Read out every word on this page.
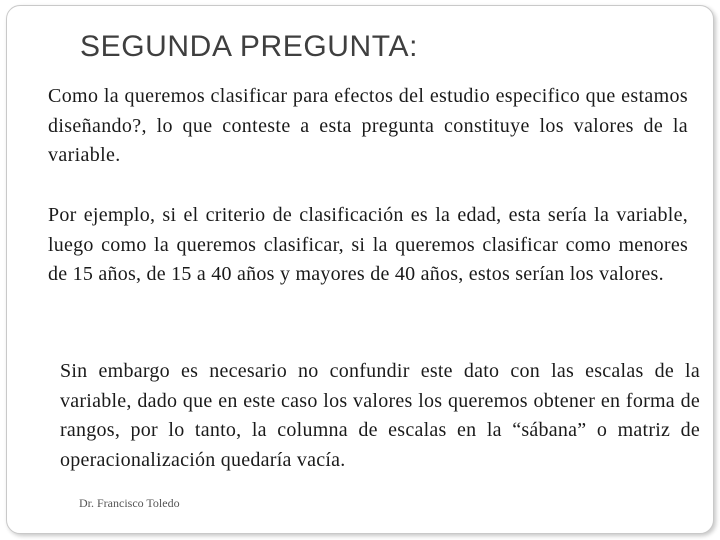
SEGUNDA PREGUNTA:

Como la queremos clasificar para efectos del estudio especifico que estamos diseñando?, lo que conteste a esta pregunta constituye los valores de la variable.

Por ejemplo, si el criterio de clasificación es la edad, esta sería la variable, luego como la queremos clasificar, si la queremos clasificar como menores de 15 años, de 15 a 40 años y mayores de 40 años, estos serían los valores.

Sin embargo es necesario no confundir este dato con las escalas de la variable, dado que en este caso los valores los queremos obtener en forma de rangos, por lo tanto, la columna de escalas en la “sábana” o matriz de operacionalización quedaría vacía.

Dr. Francisco Toledo
